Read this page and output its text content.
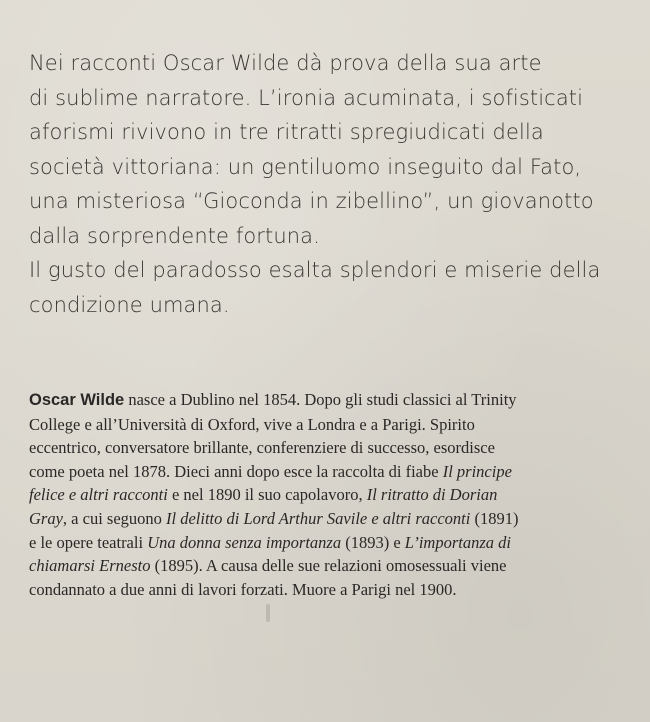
Nei racconti Oscar Wilde dà prova della sua arte

di sublime narratore. L’ironia acuminata, i sofisticati

aforismi rivivono in tre ritratti spregiudicati della

società vittoriana: un gentiluomo inseguito dal Fato,

una misteriosa “Gioconda in zibellino”, un giovanotto

dalla sorprendente fortuna.

Il gusto del paradosso esalta splendori e miserie della

condizione umana.

Oscar Wilde nasce a Dublino nel 1854. Dopo gli studi classici al Trinity
College e all’Università di Oxford, vive a Londra e a Parigi. Spirito
eccentrico, conversatore brillante, conferenziere di successo, esordisce
come poeta nel 1878. Dieci anni dopo esce la raccolta di fiabe Il principe
felice e altri racconti e nel 1890 il suo capolavoro, Il ritratto di Dorian
Gray, a cui seguono Il delitto di Lord Arthur Savile e altri racconti (1891)
e le opere teatrali Una donna senza importanza (1893) e L’importanza di
chiamarsi Ernesto (1895). A causa delle sue relazioni omosessuali viene
condannato a due anni di lavori forzati. Muore a Parigi nel 1900.
